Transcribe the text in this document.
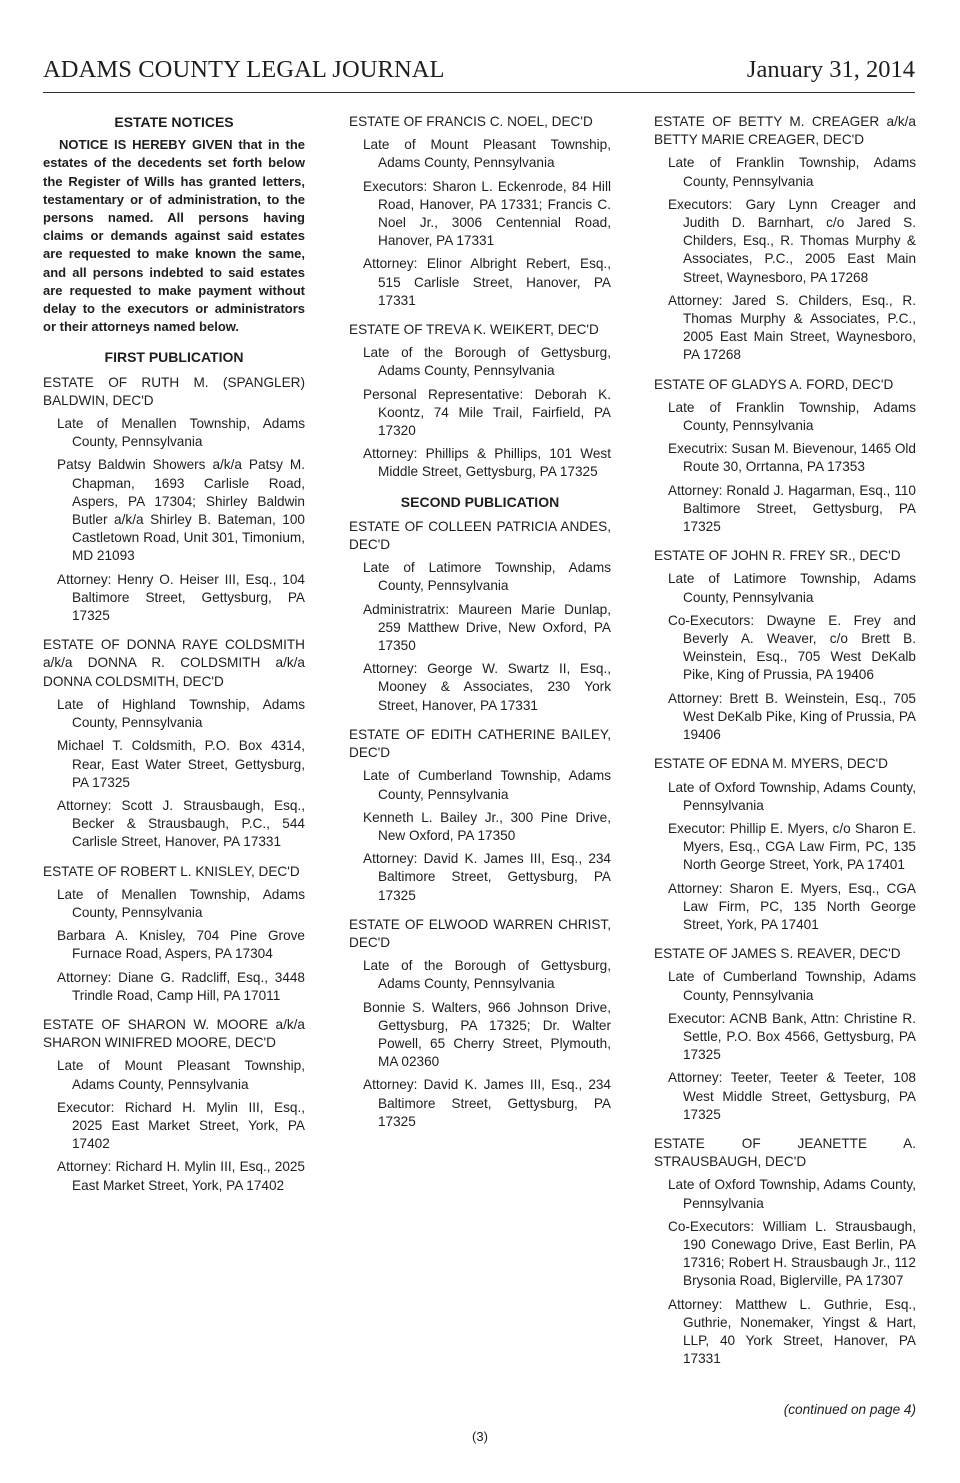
ADAMS COUNTY LEGAL JOURNAL	January 31, 2014
ESTATE NOTICES
NOTICE IS HEREBY GIVEN that in the estates of the decedents set forth below the Register of Wills has granted letters, testamentary or of administration, to the persons named. All persons having claims or demands against said estates are requested to make known the same, and all persons indebted to said estates are requested to make payment without delay to the executors or administrators or their attorneys named below.
FIRST PUBLICATION
ESTATE OF RUTH M. (SPANGLER) BALDWIN, DEC'D
Late of Menallen Township, Adams County, Pennsylvania
Patsy Baldwin Showers a/k/a Patsy M. Chapman, 1693 Carlisle Road, Aspers, PA 17304; Shirley Baldwin Butler a/k/a Shirley B. Bateman, 100 Castletown Road, Unit 301, Timonium, MD 21093
Attorney: Henry O. Heiser III, Esq., 104 Baltimore Street, Gettysburg, PA 17325
ESTATE OF DONNA RAYE COLDSMITH a/k/a DONNA R. COLDSMITH a/k/a DONNA COLDSMITH, DEC'D
Late of Highland Township, Adams County, Pennsylvania
Michael T. Coldsmith, P.O. Box 4314, Rear, East Water Street, Gettysburg, PA 17325
Attorney: Scott J. Strausbaugh, Esq., Becker & Strausbaugh, P.C., 544 Carlisle Street, Hanover, PA 17331
ESTATE OF ROBERT L. KNISLEY, DEC'D
Late of Menallen Township, Adams County, Pennsylvania
Barbara A. Knisley, 704 Pine Grove Furnace Road, Aspers, PA 17304
Attorney: Diane G. Radcliff, Esq., 3448 Trindle Road, Camp Hill, PA 17011
ESTATE OF SHARON W. MOORE a/k/a SHARON WINIFRED MOORE, DEC'D
Late of Mount Pleasant Township, Adams County, Pennsylvania
Executor: Richard H. Mylin III, Esq., 2025 East Market Street, York, PA 17402
Attorney: Richard H. Mylin III, Esq., 2025 East Market Street, York, PA 17402
ESTATE OF FRANCIS C. NOEL, DEC'D
Late of Mount Pleasant Township, Adams County, Pennsylvania
Executors: Sharon L. Eckenrode, 84 Hill Road, Hanover, PA 17331; Francis C. Noel Jr., 3006 Centennial Road, Hanover, PA 17331
Attorney: Elinor Albright Rebert, Esq., 515 Carlisle Street, Hanover, PA 17331
ESTATE OF TREVA K. WEIKERT, DEC'D
Late of the Borough of Gettysburg, Adams County, Pennsylvania
Personal Representative: Deborah K. Koontz, 74 Mile Trail, Fairfield, PA 17320
Attorney: Phillips & Phillips, 101 West Middle Street, Gettysburg, PA 17325
SECOND PUBLICATION
ESTATE OF COLLEEN PATRICIA ANDES, DEC'D
Late of Latimore Township, Adams County, Pennsylvania
Administratrix: Maureen Marie Dunlap, 259 Matthew Drive, New Oxford, PA 17350
Attorney: George W. Swartz II, Esq., Mooney & Associates, 230 York Street, Hanover, PA 17331
ESTATE OF EDITH CATHERINE BAILEY, DEC'D
Late of Cumberland Township, Adams County, Pennsylvania
Kenneth L. Bailey Jr., 300 Pine Drive, New Oxford, PA 17350
Attorney: David K. James III, Esq., 234 Baltimore Street, Gettysburg, PA 17325
ESTATE OF ELWOOD WARREN CHRIST, DEC'D
Late of the Borough of Gettysburg, Adams County, Pennsylvania
Bonnie S. Walters, 966 Johnson Drive, Gettysburg, PA 17325; Dr. Walter Powell, 65 Cherry Street, Plymouth, MA 02360
Attorney: David K. James III, Esq., 234 Baltimore Street, Gettysburg, PA 17325
ESTATE OF BETTY M. CREAGER a/k/a BETTY MARIE CREAGER, DEC'D
Late of Franklin Township, Adams County, Pennsylvania
Executors: Gary Lynn Creager and Judith D. Barnhart, c/o Jared S. Childers, Esq., R. Thomas Murphy & Associates, P.C., 2005 East Main Street, Waynesboro, PA 17268
Attorney: Jared S. Childers, Esq., R. Thomas Murphy & Associates, P.C., 2005 East Main Street, Waynesboro, PA 17268
ESTATE OF GLADYS A. FORD, DEC'D
Late of Franklin Township, Adams County, Pennsylvania
Executrix: Susan M. Bievenour, 1465 Old Route 30, Orrtanna, PA 17353
Attorney: Ronald J. Hagarman, Esq., 110 Baltimore Street, Gettysburg, PA 17325
ESTATE OF JOHN R. FREY SR., DEC'D
Late of Latimore Township, Adams County, Pennsylvania
Co-Executors: Dwayne E. Frey and Beverly A. Weaver, c/o Brett B. Weinstein, Esq., 705 West DeKalb Pike, King of Prussia, PA 19406
Attorney: Brett B. Weinstein, Esq., 705 West DeKalb Pike, King of Prussia, PA 19406
ESTATE OF EDNA M. MYERS, DEC'D
Late of Oxford Township, Adams County, Pennsylvania
Executor: Phillip E. Myers, c/o Sharon E. Myers, Esq., CGA Law Firm, PC, 135 North George Street, York, PA 17401
Attorney: Sharon E. Myers, Esq., CGA Law Firm, PC, 135 North George Street, York, PA 17401
ESTATE OF JAMES S. REAVER, DEC'D
Late of Cumberland Township, Adams County, Pennsylvania
Executor: ACNB Bank, Attn: Christine R. Settle, P.O. Box 4566, Gettysburg, PA 17325
Attorney: Teeter, Teeter & Teeter, 108 West Middle Street, Gettysburg, PA 17325
ESTATE OF JEANETTE A. STRAUSBAUGH, DEC'D
Late of Oxford Township, Adams County, Pennsylvania
Co-Executors: William L. Strausbaugh, 190 Conewago Drive, East Berlin, PA 17316; Robert H. Strausbaugh Jr., 112 Brysonia Road, Biglerville, PA 17307
Attorney: Matthew L. Guthrie, Esq., Guthrie, Nonemaker, Yingst & Hart, LLP, 40 York Street, Hanover, PA 17331
(continued on page 4)
(3)
